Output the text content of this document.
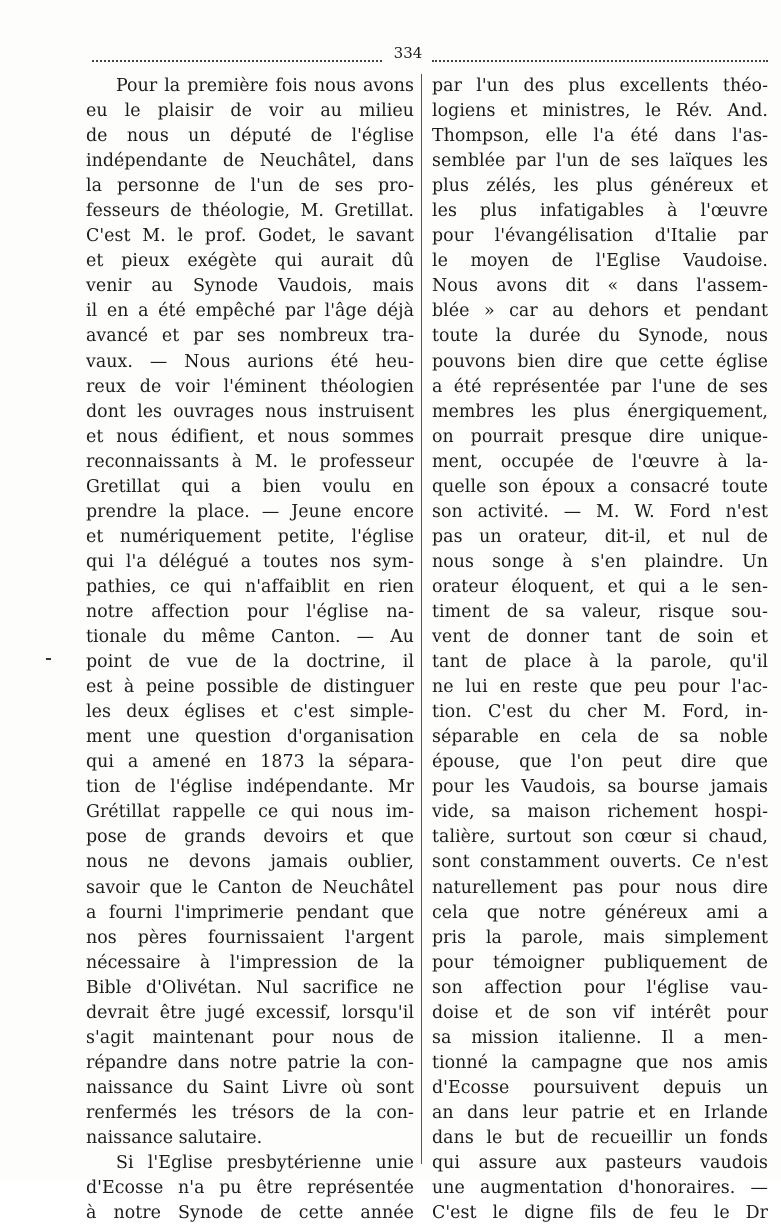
334
Pour la première fois nous avons
eu le plaisir de voir au milieu
de nous un député de l'église
indépendante de Neuchâtel, dans
la personne de l'un de ses pro-
fesseurs de théologie, M. Gretillat.
C'est M. le prof. Godet, le savant
et pieux exégète qui aurait dû
venir au Synode Vaudois, mais
il en a été empêché par l'âge déjà
avancé et par ses nombreux tra-
vaux. — Nous aurions été heu-
reux de voir l'éminent théologien
dont les ouvrages nous instruisent
et nous édifient, et nous sommes
reconnaissants à M. le professeur
Gretillat qui a bien voulu en
prendre la place. — Jeune encore
et numériquement petite, l'église
qui l'a délégué a toutes nos sym-
pathies, ce qui n'affaiblit en rien
notre affection pour l'église na-
tionale du même Canton. — Au
point de vue de la doctrine, il
est à peine possible de distinguer
les deux églises et c'est simple-
ment une question d'organisation
qui a amené en 1873 la sépara-
tion de l'église indépendante. Mr
Grétillat rappelle ce qui nous im-
pose de grands devoirs et que
nous ne devons jamais oublier,
savoir que le Canton de Neuchâtel
a fourni l'imprimerie pendant que
nos pères fournissaient l'argent
nécessaire à l'impression de la
Bible d'Olivétan. Nul sacrifice ne
devrait être jugé excessif, lorsqu'il
s'agit maintenant pour nous de
répandre dans notre patrie la con-
naissance du Saint Livre où sont
renfermés les trésors de la con-
naissance salutaire.
Si l'Eglise presbytérienne unie
d'Ecosse n'a pu être représentée
à notre Synode de cette année
par l'un des plus excellents théo-
logiens et ministres, le Rév. And.
Thompson, elle l'a été dans l'as-
semblée par l'un de ses laïques les
plus zélés, les plus généreux et
les plus infatigables à l'œuvre
pour l'évangélisation d'Italie par
le moyen de l'Eglise Vaudoise.
Nous avons dit « dans l'assem-
blée » car au dehors et pendant
toute la durée du Synode, nous
pouvons bien dire que cette église
a été représentée par l'une de ses
membres les plus énergiquement,
on pourrait presque dire unique-
ment, occupée de l'œuvre à la-
quelle son époux a consacré toute
son activité. — M. W. Ford n'est
pas un orateur, dit-il, et nul de
nous songe à s'en plaindre. Un
orateur éloquent, et qui a le sen-
timent de sa valeur, risque sou-
vent de donner tant de soin et
tant de place à la parole, qu'il
ne lui en reste que peu pour l'ac-
tion. C'est du cher M. Ford, in-
séparable en cela de sa noble
épouse, que l'on peut dire que
pour les Vaudois, sa bourse jamais
vide, sa maison richement hospi-
talière, surtout son cœur si chaud,
sont constamment ouverts. Ce n'est
naturellement pas pour nous dire
cela que notre généreux ami a
pris la parole, mais simplement
pour témoigner publiquement de
son affection pour l'église vau-
doise et de son vif intérêt pour
sa mission italienne. Il a men-
tionné la campagne que nos amis
d'Ecosse poursuivent depuis un
an dans leur patrie et en Irlande
dans le but de recueillir un fonds
qui assure aux pasteurs vaudois
une augmentation d'honoraires. —
C'est le digne fils de feu le Dr
